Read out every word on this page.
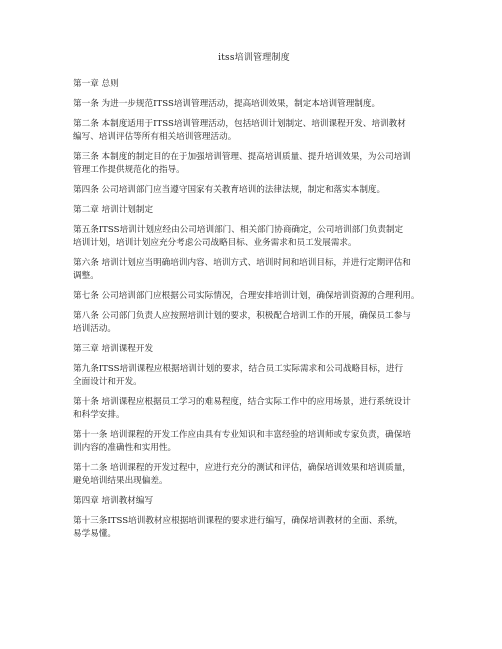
itss培训管理制度
第一章 总则
第一条 为进一步规范ITSS培训管理活动，提高培训效果，制定本培训管理制度。
第二条 本制度适用于ITSS培训管理活动，包括培训计划制定、培训课程开发、培训教材
编写、培训评估等所有相关培训管理活动。
第三条 本制度的制定目的在于加强培训管理、提高培训质量、提升培训效果，为公司培训
管理工作提供规范化的指导。
第四条 公司培训部门应当遵守国家有关教育培训的法律法规，制定和落实本制度。
第二章 培训计划制定
第五条ITSS培训计划应经由公司培训部门、相关部门协商确定，公司培训部门负责制定
培训计划，培训计划应充分考虑公司战略目标、业务需求和员工发展需求。
第六条 培训计划应当明确培训内容、培训方式、培训时间和培训目标，并进行定期评估和
调整。
第七条 公司培训部门应根据公司实际情况，合理安排培训计划，确保培训资源的合理利用。
第八条 公司部门负责人应按照培训计划的要求，积极配合培训工作的开展，确保员工参与
培训活动。
第三章 培训课程开发
第九条ITSS培训课程应根据培训计划的要求，结合员工实际需求和公司战略目标，进行
全面设计和开发。
第十条 培训课程应根据员工学习的难易程度，结合实际工作中的应用场景，进行系统设计
和科学安排。
第十一条 培训课程的开发工作应由具有专业知识和丰富经验的培训师或专家负责，确保培
训内容的准确性和实用性。
第十二条 培训课程的开发过程中，应进行充分的测试和评估，确保培训效果和培训质量，
避免培训结果出现偏差。
第四章 培训教材编写
第十三条ITSS培训教材应根据培训课程的要求进行编写，确保培训教材的全面、系统，
易学易懂。
